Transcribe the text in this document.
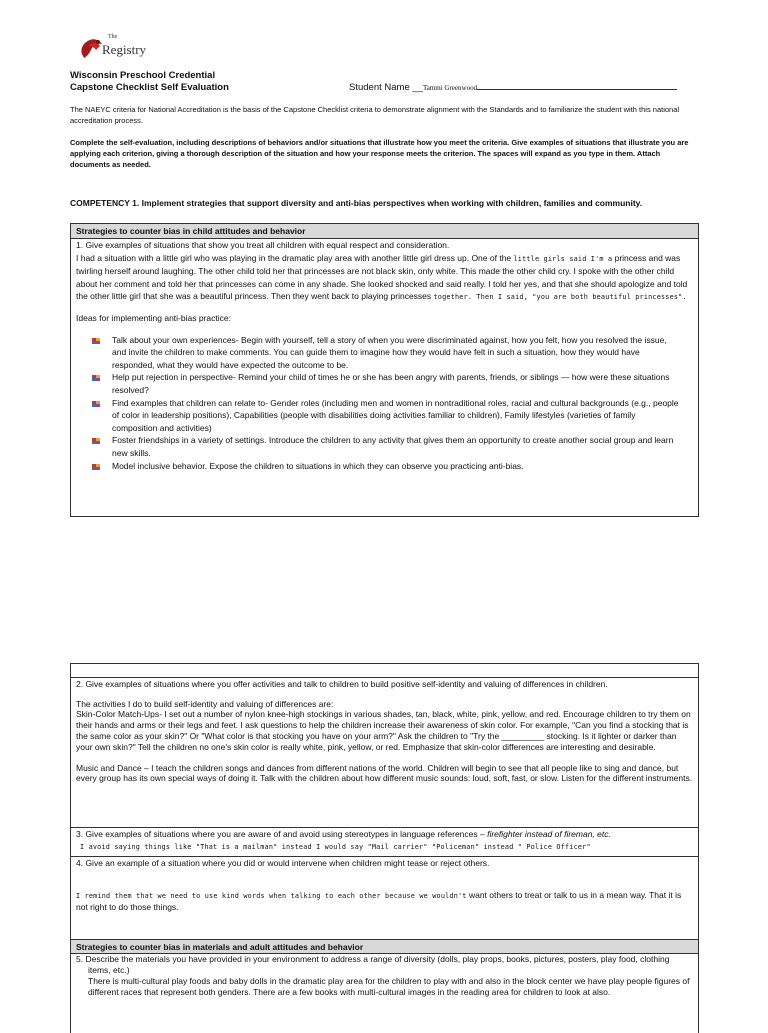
The
Registry
Wisconsin Preschool Credential
Capstone Checklist Self Evaluation	Student Name __Tammi Greenwood
The NAEYC criteria for National Accreditation is the basis of the Capstone Checklist criteria to demonstrate alignment with the Standards and to familiarize the student with this national accreditation process.
Complete the self-evaluation, including descriptions of behaviors and/or situations that illustrate how you meet the criteria. Give examples of situations that illustrate you are applying each criterion, giving a thorough description of the situation and how your response meets the criterion. The spaces will expand as you type in them. Attach documents as needed.
COMPETENCY 1. Implement strategies that support diversity and anti-bias perspectives when working with children, families and community.
Strategies to counter bias in child attitudes and behavior
1. Give examples of situations that show you treat all children with equal respect and consideration.
I had a situation with a little girl who was playing in the dramatic play area with another little girl dress up. One of the little girls said I'm a princess and was twirling herself around laughing. The other child told her that princesses are not black skin, only white. This made the other child cry. I spoke with the other child about her comment and told her that princesses can come in any shade. She looked shocked and said really. I told her yes, and that she should apologize and told the other little girl that she was a beautiful princess. Then they went back to playing princesses together. Then I said, "you are both beautiful princesses".
Ideas for implementing anti-bias practice:
Talk about your own experiences- Begin with yourself, tell a story of when you were discriminated against, how you felt, how you resolved the issue, and invite the children to make comments. You can guide them to imagine how they would have felt in such a situation, how they would have responded, what they would have expected the outcome to be.
Help put rejection in perspective- Remind your child of times he or she has been angry with parents, friends, or siblings — how were these situations resolved?
Find examples that children can relate to- Gender roles (including men and women in nontraditional roles, racial and cultural backgrounds (e.g., people of color in leadership positions), Capabilities (people with disabilities doing activities familiar to children), Family lifestyles (varieties of family composition and activities)
Foster friendships in a variety of settings. Introduce the children to any activity that gives them an opportunity to create another social group and learn new skills.
Model inclusive behavior. Expose the children to situations in which they can observe you practicing anti-bias.
2. Give examples of situations where you offer activities and talk to children to build positive self-identity and valuing of differences in children.
The activities I do to build self-identity and valuing of differences are:
Skin-Color Match-Ups- I set out a number of nylon knee-high stockings in various shades, tan, black, white, pink, yellow, and red. Encourage children to try them on their hands and arms or their legs and feet. I ask questions to help the children increase their awareness of skin color. For example, "Can you find a stocking that is the same color as your skin?" Or "What color is that stocking you have on your arm?" Ask the children to "Try the _________ stocking. Is it lighter or darker than your own skin?" Tell the children no one's skin color is really white, pink, yellow, or red. Emphasize that skin-color differences are interesting and desirable.
Music and Dance – I teach the children songs and dances from different nations of the world. Children will begin to see that all people like to sing and dance, but every group has its own special ways of doing it. Talk with the children about how different music sounds: loud, soft, fast, or slow. Listen for the different instruments.
3. Give examples of situations where you are aware of and avoid using stereotypes in language references – firefighter instead of fireman, etc.
I avoid saying things like "That is a mailman" instead I would say "Mail carrier" "Policeman" instead " Police Officer"
4. Give an example of a situation where you did or would intervene when children might tease or reject others.
I remind them that we need to use kind words when talking to each other because we wouldn't want others to treat or talk to us in a mean way. That it is not right to do those things.
Strategies to counter bias in materials and adult attitudes and behavior
5. Describe the materials you have provided in your environment to address a range of diversity (dolls, play props, books, pictures, posters, play food, clothing items, etc.)
There is multi-cultural play foods and baby dolls in the dramatic play area for the children to play with and also in the block center we have play people figures of different races that represent both genders. There are a few books with multi-cultural images in the reading area for children to look at also.
